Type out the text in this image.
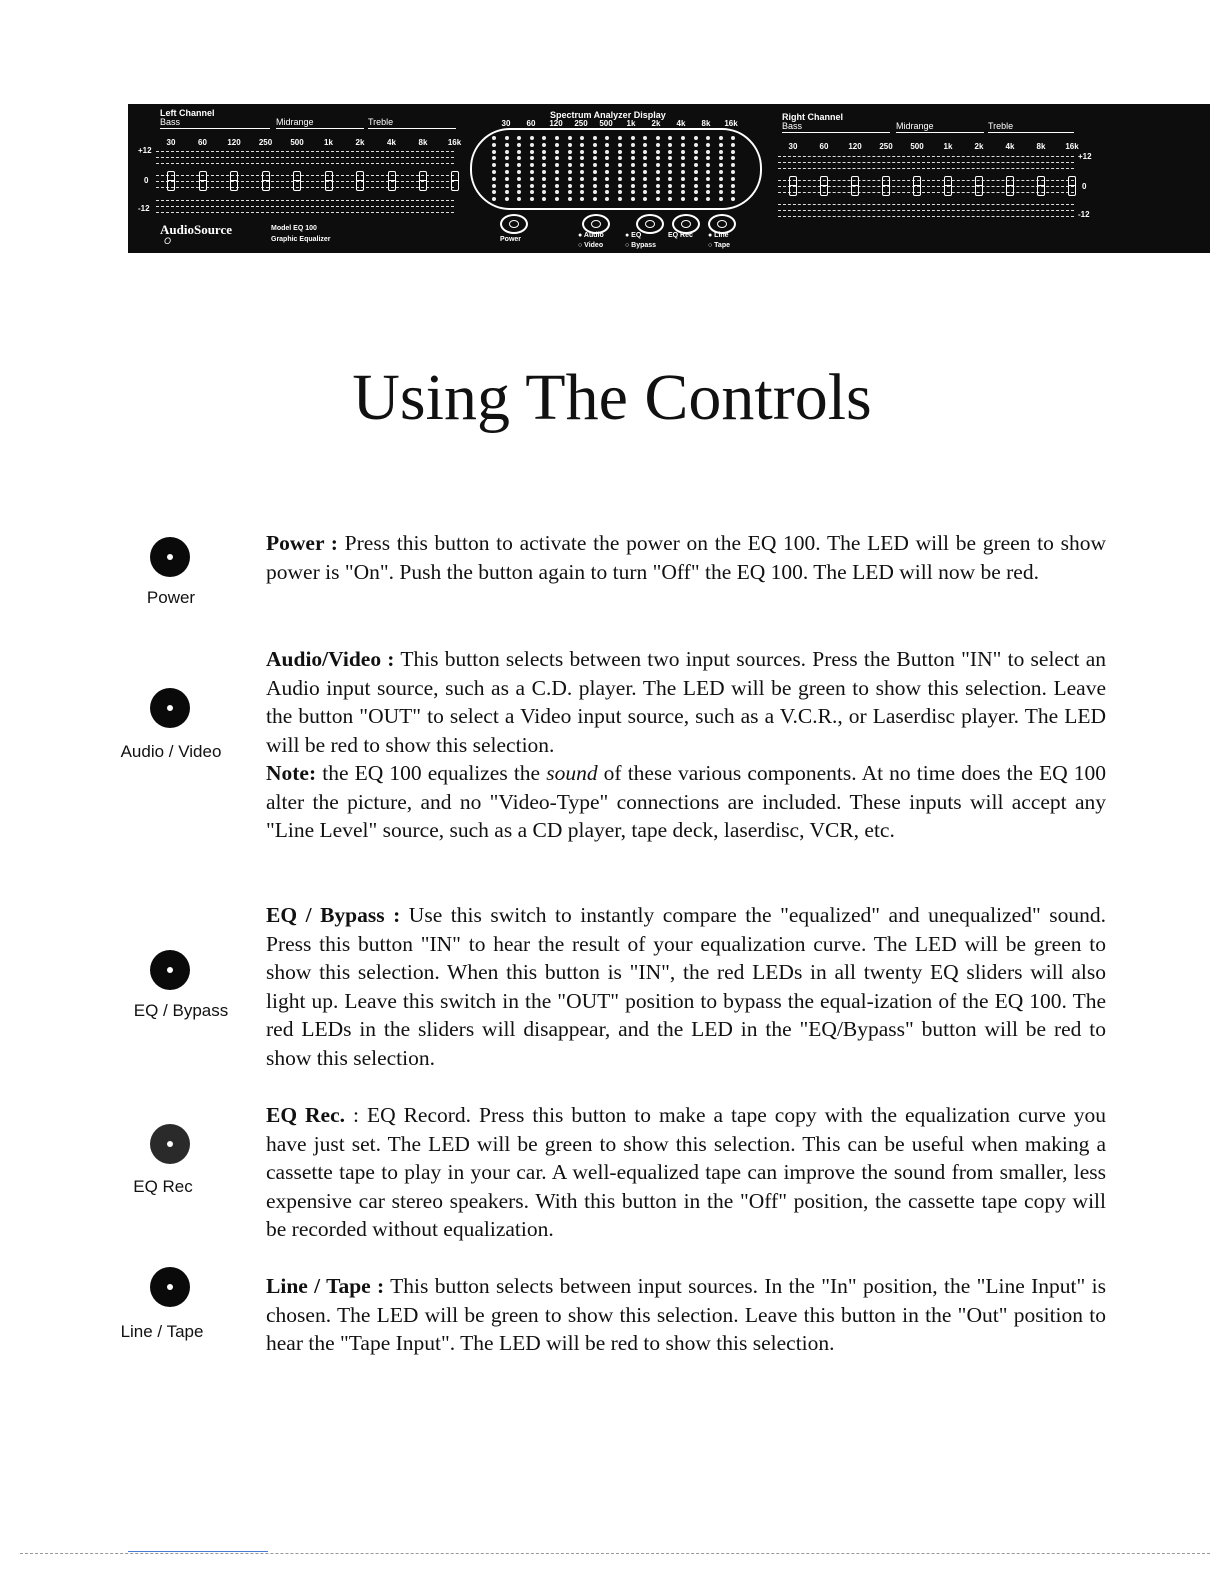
Left Channel
Bass	Midrange	Treble
30	60	120 250 500	1k	2k	4k	8k	16k
+12
0
-12
AudioSource	Model EQ 100
Graphic Equalizer
O
Spectrum Analyzer Display
30 60 120 250 500 1k 2k 4k 8k 16k
Power
● Audio
○ Video
● EQ
○ Bypass
EQ Rec ● Line
○ Tape
Right Channel
Bass	Midrange	Treble
30	60 120 250 500 1k	2k	4k	8k 16k
+12
0
-12
Using The Controls
Power
Power : Press this button to activate the power on the EQ 100. The LED will be green to show power is "On". Push the button again to turn "Off" the EQ 100. The LED will now be red.
Audio / Video
Audio/Video : This button selects between two input sources. Press the Button "IN" to select an Audio input source, such as a C.D. player. The LED will be green to show this selection. Leave the button "OUT" to select a Video input source, such as a V.C.R., or Laserdisc player. The LED will be red to show this selection.
Note: the EQ 100 equalizes the sound of these various components. At no time does the EQ 100 alter the picture, and no "Video-Type" connections are included. These inputs will accept any "Line Level" source, such as a CD player, tape deck, laserdisc, VCR, etc.
EQ / Bypass
EQ / Bypass : Use this switch to instantly compare the "equalized" and unequalized" sound. Press this button "IN" to hear the result of your equalization curve. The LED will be green to show this selection. When this button is "IN", the red LEDs in all twenty EQ sliders will also light up. Leave this switch in the "OUT" position to bypass the equal-ization of the EQ 100. The red LEDs in the sliders will disappear, and the LED in the "EQ/Bypass" button will be red to show this selection.
EQ Rec
EQ Rec. : EQ Record. Press this button to make a tape copy with the equalization curve you have just set. The LED will be green to show this selection. This can be useful when making a cassette tape to play in your car. A well-equalized tape can improve the sound from smaller, less expensive car stereo speakers. With this button in the "Off" position, the cassette tape copy will be recorded without equalization.
Line / Tape
Line / Tape : This button selects between input sources. In the "In" position, the "Line Input" is chosen. The LED will be green to show this selection. Leave this button in the "Out" position to hear the "Tape Input". The LED will be red to show this selection.
